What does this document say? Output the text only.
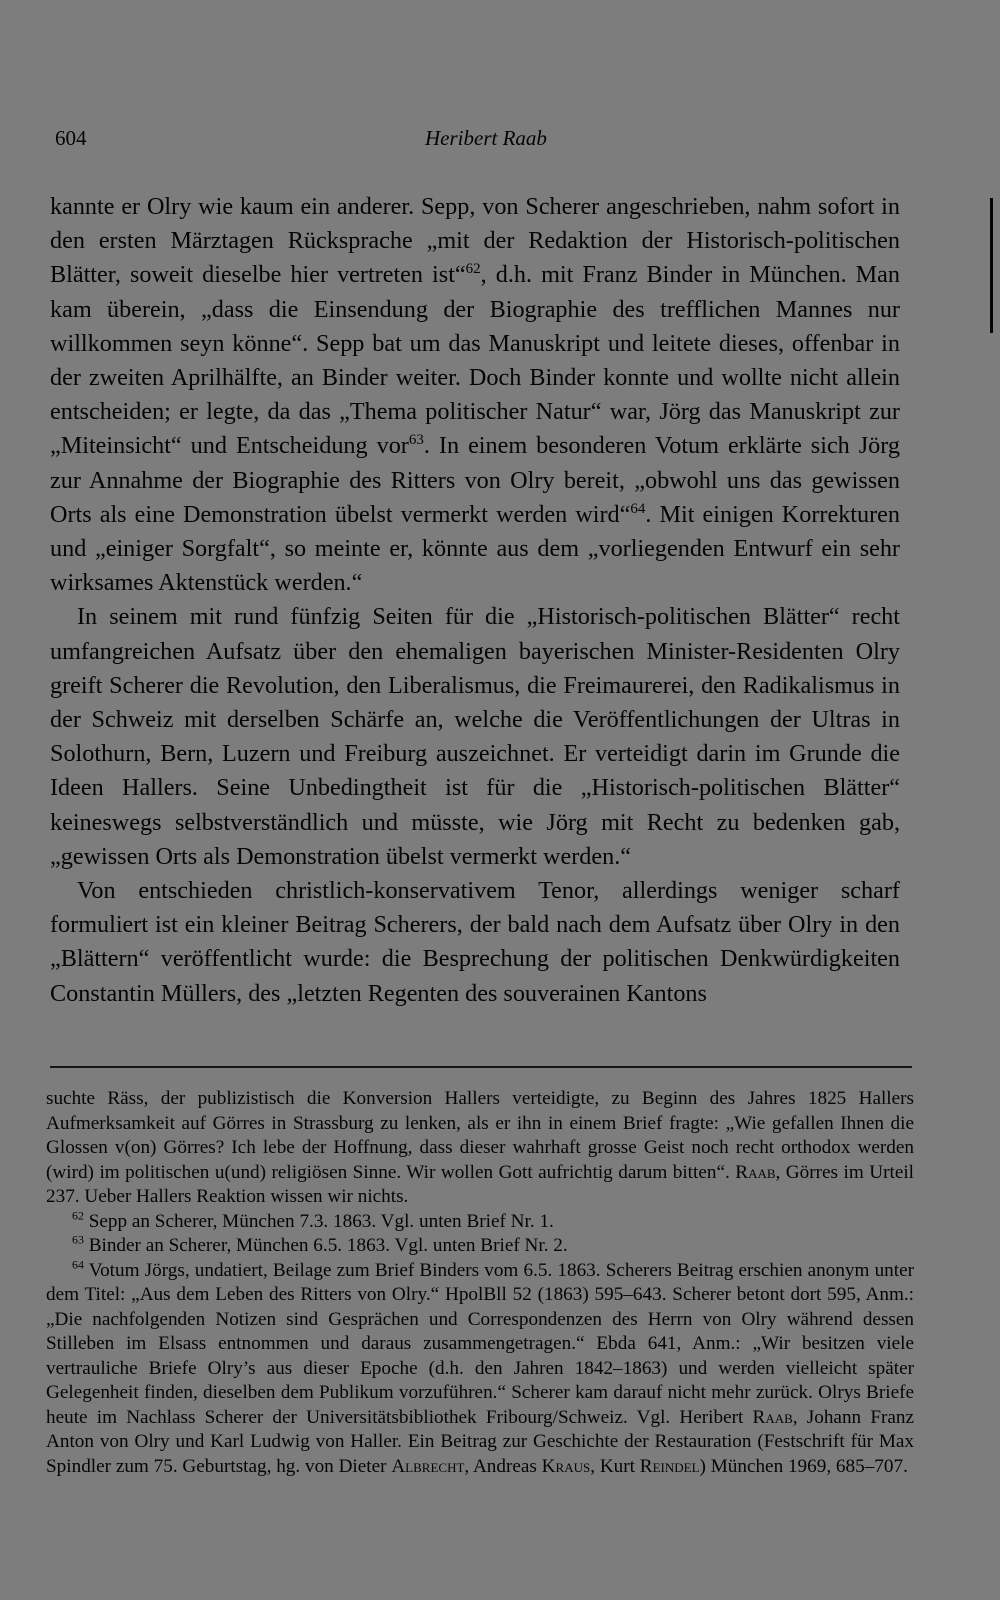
604	Heribert Raab

kannte er Olry wie kaum ein anderer. Sepp, von Scherer angeschrieben, nahm sofort in den ersten Märztagen Rücksprache „mit der Redaktion der Historisch-politischen Blätter, soweit dieselbe hier vertreten ist“$^{62}$, d.h. mit Franz Binder in München. Man kam überein, „dass die Einsendung der Biographie des trefflichen Mannes nur willkommen seyn könne“. Sepp bat um das Manuskript und leitete dieses, offenbar in der zweiten Aprilhälfte, an Binder weiter. Doch Binder konnte und wollte nicht allein entscheiden; er legte, da das „Thema politischer Natur“ war, Jörg das Manuskript zur „Miteinsicht“ und Entscheidung vor$^{63}$. In einem besonderen Votum erklärte sich Jörg zur Annahme der Biographie des Ritters von Olry bereit, „obwohl uns das gewissen Orts als eine Demonstration übelst vermerkt werden wird“$^{64}$. Mit einigen Korrekturen und „einiger Sorgfalt“, so meinte er, könnte aus dem „vorliegenden Entwurf ein sehr wirksames Aktenstück werden.“

In seinem mit rund fünfzig Seiten für die „Historisch-politischen Blätter“ recht umfangreichen Aufsatz über den ehemaligen bayerischen Minister-Residenten Olry greift Scherer die Revolution, den Liberalismus, die Freimaurerei, den Radikalismus in der Schweiz mit derselben Schärfe an, welche die Veröffentlichungen der Ultras in Solothurn, Bern, Luzern und Freiburg auszeichnet. Er verteidigt darin im Grunde die Ideen Hallers. Seine Unbedingtheit ist für die „Historisch-politischen Blätter“ keineswegs selbstverständlich und müsste, wie Jörg mit Recht zu bedenken gab, „gewissen Orts als Demonstration übelst vermerkt werden.“

Von entschieden christlich-konservativem Tenor, allerdings weniger scharf formuliert ist ein kleiner Beitrag Scherers, der bald nach dem Aufsatz über Olry in den „Blättern“ veröffentlicht wurde: die Besprechung der politischen Denkwürdigkeiten Constantin Müllers, des „letzten Regenten des souverainen Kantons

suchte Räss, der publizistisch die Konversion Hallers verteidigte, zu Beginn des Jahres 1825 Hallers Aufmerksamkeit auf Görres in Strassburg zu lenken, als er ihn in einem Brief fragte: „Wie gefallen Ihnen die Glossen v(on) Görres? Ich lebe der Hoffnung, dass dieser wahrhaft grosse Geist noch recht orthodox werden (wird) im politischen u(und) religiösen Sinne. Wir wollen Gott aufrichtig darum bitten“. Raab, Görres im Urteil 237. Ueber Hallers Reaktion wissen wir nichts.

$^{62}$ Sepp an Scherer, München 7.3. 1863. Vgl. unten Brief Nr. 1.

$^{63}$ Binder an Scherer, München 6.5. 1863. Vgl. unten Brief Nr. 2.

$^{64}$ Votum Jörgs, undatiert, Beilage zum Brief Binders vom 6.5. 1863. Scherers Beitrag erschien anonym unter dem Titel: „Aus dem Leben des Ritters von Olry.“ HpolBll 52 (1863) 595–643. Scherer betont dort 595, Anm.: „Die nachfolgenden Notizen sind Gesprächen und Correspondenzen des Herrn von Olry während dessen Stilleben im Elsass entnommen und daraus zusammengetragen.“ Ebda 641, Anm.: „Wir besitzen viele vertrauliche Briefe Olry’s aus dieser Epoche (d.h. den Jahren 1842–1863) und werden vielleicht später Gelegenheit finden, dieselben dem Publikum vorzuführen.“ Scherer kam darauf nicht mehr zurück. Olrys Briefe heute im Nachlass Scherer der Universitätsbibliothek Fribourg/Schweiz. Vgl. Heribert Raab, Johann Franz Anton von Olry und Karl Ludwig von Haller. Ein Beitrag zur Geschichte der Restauration (Festschrift für Max Spindler zum 75. Geburtstag, hg. von Dieter Albrecht, Andreas Kraus, Kurt Reindel) München 1969, 685–707.
